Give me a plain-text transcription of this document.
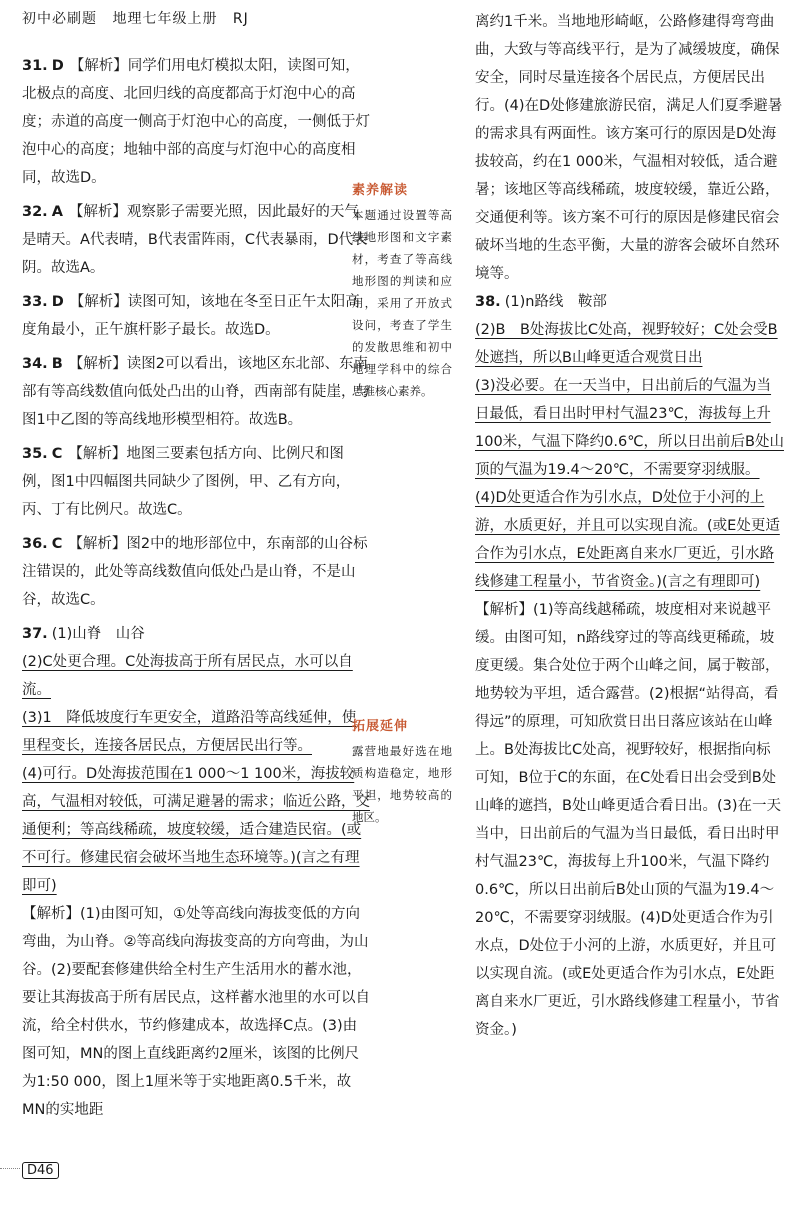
初中必刷题 地理七年级上册 RJ
31. D 【解析】同学们用电灯模拟太阳，读图可知，北极点的高度、北回归线的高度都高于灯泡中心的高度；赤道的高度一侧高于灯泡中心的高度，一侧低于灯泡中心的高度；地轴中部的高度与灯泡中心的高度相同，故选D。
32. A 【解析】观察影子需要光照，因此最好的天气是晴天。A代表晴，B代表雷阵雨，C代表暴雨，D代表阴。故选A。
33. D 【解析】读图可知，该地在冬至日正午太阳高度角最小，正午旗杆影子最长。故选D。
34. B 【解析】读图2可以看出，该地区东北部、东南部有等高线数值向低处凸出的山脊，西南部有陡崖，与图1中乙图的等高线地形模型相符。故选B。
35. C 【解析】地图三要素包括方向、比例尺和图例，图1中四幅图共同缺少了图例，甲、乙有方向，丙、丁有比例尺。故选C。
36. C 【解析】图2中的地形部位中，东南部的山谷标注错误的，此处等高线数值向低处凸是山脊，不是山谷，故选C。

37. (1)山脊　山谷

(2)C处更合理。C处海拔高于所有居民点，水可以自流。

(3)1　降低坡度行车更安全，道路沿等高线延伸，使里程变长，连接各居民点，方便居民出行等。

(4)可行。D处海拔范围在1 000～1 100米，海拔较高，气温相对较低，可满足避暑的需求；临近公路，交通便利；等高线稀疏，坡度较缓，适合建造民宿。(或不可行。修建民宿会破坏当地生态环境等。)(言之有理即可)

【解析】(1)由图可知，①处等高线向海拔变低的方向弯曲，为山脊。②等高线向海拔变高的方向弯曲，为山谷。(2)要配套修建供给全村生产生活用水的蓄水池，要让其海拔高于所有居民点，这样蓄水池里的水可以自流，给全村供水，节约修建成本，故选择C点。(3)由图可知，MN的图上直线距离约2厘米，该图的比例尺为1:50 000，图上1厘米等于实地距离0.5千米，故MN的实地距

素养解读
本题通过设置等高线地形图和文字素材，考查了等高线地形图的判读和应用，采用了开放式设问，考查了学生的发散思维和初中地理学科中的综合思维核心素养。
拓展延伸
露营地最好选在地质构造稳定，地形平坦，地势较高的地区。

离约1千米。当地地形崎岖，公路修建得弯弯曲曲，大致与等高线平行，是为了减缓坡度，确保安全，同时尽量连接各个居民点，方便居民出行。(4)在D处修建旅游民宿，满足人们夏季避暑的需求具有两面性。该方案可行的原因是D处海拔较高，约在1 000米，气温相对较低，适合避暑；该地区等高线稀疏，坡度较缓，靠近公路，交通便利等。该方案不可行的原因是修建民宿会破坏当地的生态平衡，大量的游客会破坏自然环境等。

38. (1)n路线　鞍部

(2)B　B处海拔比C处高，视野较好；C处会受B处遮挡，所以B山峰更适合观赏日出

(3)没必要。在一天当中，日出前后的气温为当日最低，看日出时甲村气温23℃，海拔每上升100米，气温下降约0.6℃，所以日出前后B处山顶的气温为19.4～20℃，不需要穿羽绒服。

(4)D处更适合作为引水点，D处位于小河的上游，水质更好，并且可以实现自流。(或E处更适合作为引水点，E处距离自来水厂更近，引水路线修建工程量小，节省资金。)(言之有理即可)

【解析】(1)等高线越稀疏，坡度相对来说越平缓。由图可知，n路线穿过的等高线更稀疏，坡度更缓。集合处位于两个山峰之间，属于鞍部，地势较为平坦，适合露营。(2)根据“站得高，看得远”的原理，可知欣赏日出日落应该站在山峰上。B处海拔比C处高，视野较好，根据指向标可知，B位于C的东面，在C处看日出会受到B处山峰的遮挡，B处山峰更适合看日出。(3)在一天当中，日出前后的气温为当日最低，看日出时甲村气温23℃，海拔每上升100米，气温下降约0.6℃，所以日出前后B处山顶的气温为19.4～20℃，不需要穿羽绒服。(4)D处更适合作为引水点，D处位于小河的上游，水质更好，并且可以实现自流。(或E处更适合作为引水点，E处距离自来水厂更近，引水路线修建工程量小，节省资金。)

D46
